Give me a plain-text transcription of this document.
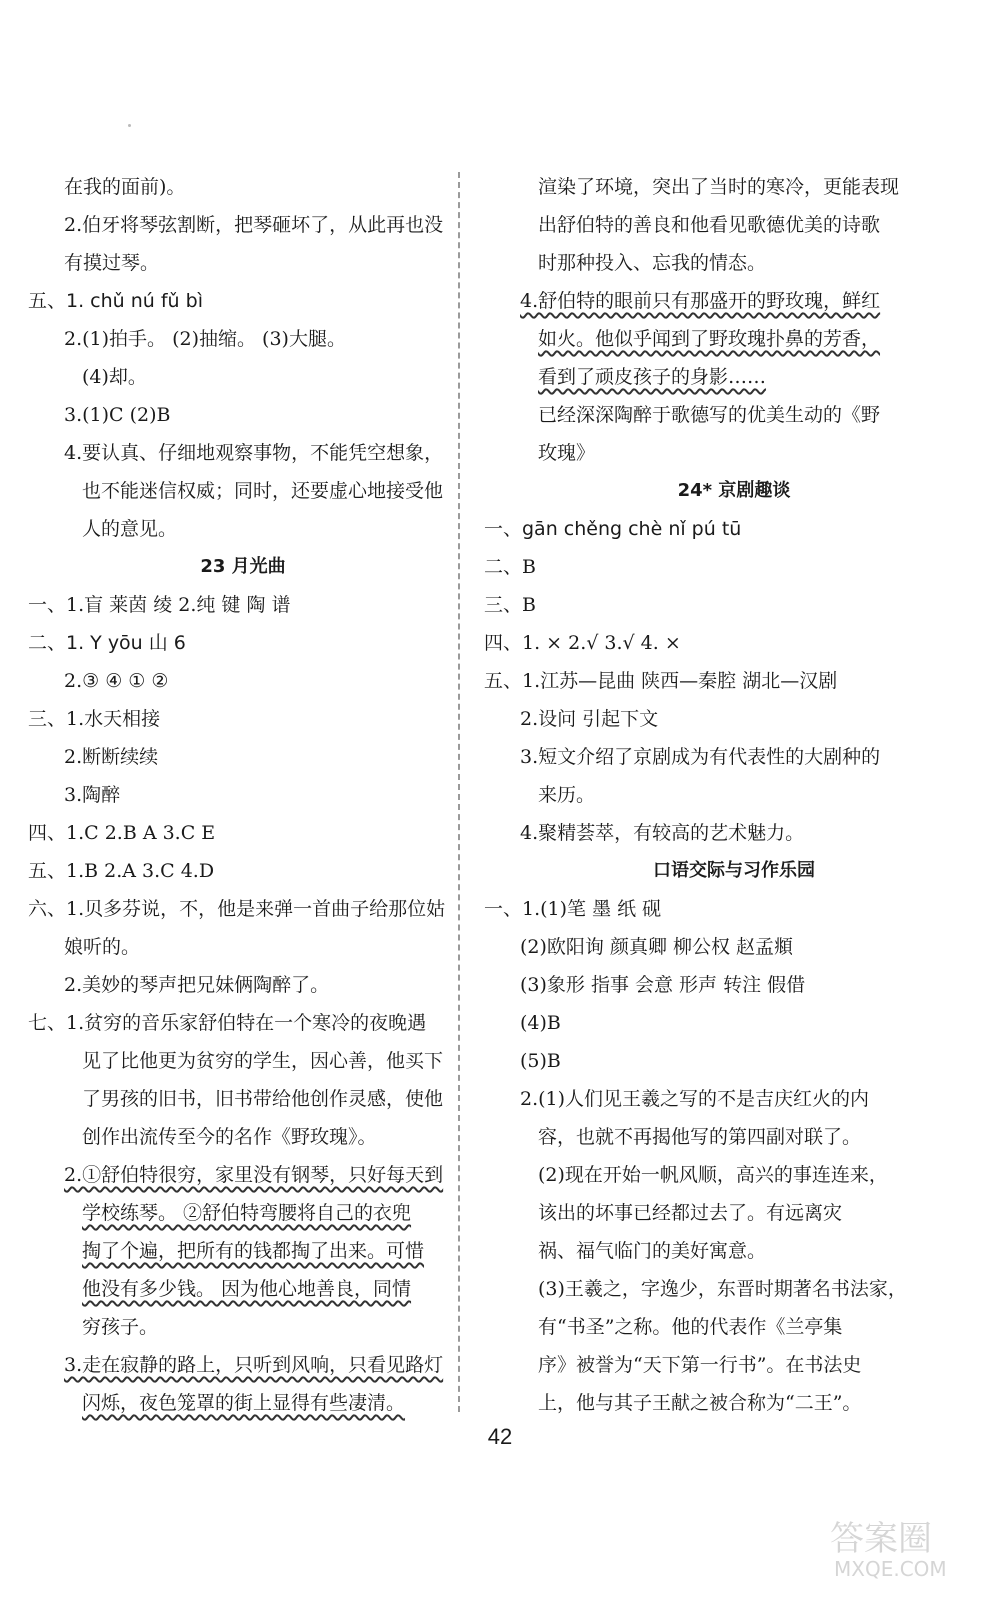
在我的面前)。
2.伯牙将琴弦割断，把琴砸坏了，从此再也没
有摸过琴。
五、1. chǔ nú fǔ bì
2.(1)拍手。 (2)抽缩。 (3)大腿。
(4)却。
3.(1)C (2)B
4.要认真、仔细地观察事物，不能凭空想象，
也不能迷信权威；同时，还要虚心地接受他
人的意见。
23 月光曲
一、1.盲 莱茵 绫 2.纯 键 陶 谱
二、1. Y yōu 山 6
2.③ ④ ① ②
三、1.水天相接
2.断断续续
3.陶醉
四、1.C 2.B A 3.C E
五、1.B 2.A 3.C 4.D
六、1.贝多芬说，不，他是来弹一首曲子给那位姑
娘听的。
2.美妙的琴声把兄妹俩陶醉了。
七、1.贫穷的音乐家舒伯特在一个寒冷的夜晚遇
见了比他更为贫穷的学生，因心善，他买下
了男孩的旧书，旧书带给他创作灵感，使他
创作出流传至今的名作《野玫瑰》。
2.①舒伯特很穷，家里没有钢琴，只好每天到
学校练琴。 ②舒伯特弯腰将自己的衣兜
掏了个遍，把所有的钱都掏了出来。可惜
他没有多少钱。 因为他心地善良，同情
穷孩子。
3.走在寂静的路上，只听到风响，只看见路灯
闪烁，夜色笼罩的街上显得有些凄清。
渲染了环境，突出了当时的寒冷，更能表现
出舒伯特的善良和他看见歌德优美的诗歌
时那种投入、忘我的情态。
4.舒伯特的眼前只有那盛开的野玫瑰，鲜红
如火。他似乎闻到了野玫瑰扑鼻的芳香，
看到了顽皮孩子的身影……
已经深深陶醉于歌德写的优美生动的《野
玫瑰》
24* 京剧趣谈
一、gān chěng chè nǐ pú tū
二、B
三、B
四、1. × 2.√ 3.√ 4. ×
五、1.江苏—昆曲 陕西—秦腔 湖北—汉剧
2.设问 引起下文
3.短文介绍了京剧成为有代表性的大剧种的
来历。
4.聚精荟萃，有较高的艺术魅力。
口语交际与习作乐园
一、1.(1)笔 墨 纸 砚
(2)欧阳询 颜真卿 柳公权 赵孟頫
(3)象形 指事 会意 形声 转注 假借
(4)B
(5)B
2.(1)人们见王羲之写的不是吉庆红火的内
容，也就不再揭他写的第四副对联了。
(2)现在开始一帆风顺，高兴的事连连来，
该出的坏事已经都过去了。有远离灾
祸、福气临门的美好寓意。
(3)王羲之，字逸少，东晋时期著名书法家，
有“书圣”之称。他的代表作《兰亭集
序》被誉为“天下第一行书”。在书法史
上，他与其子王献之被合称为“二王”。
42
答案圈
MXQE.COM
